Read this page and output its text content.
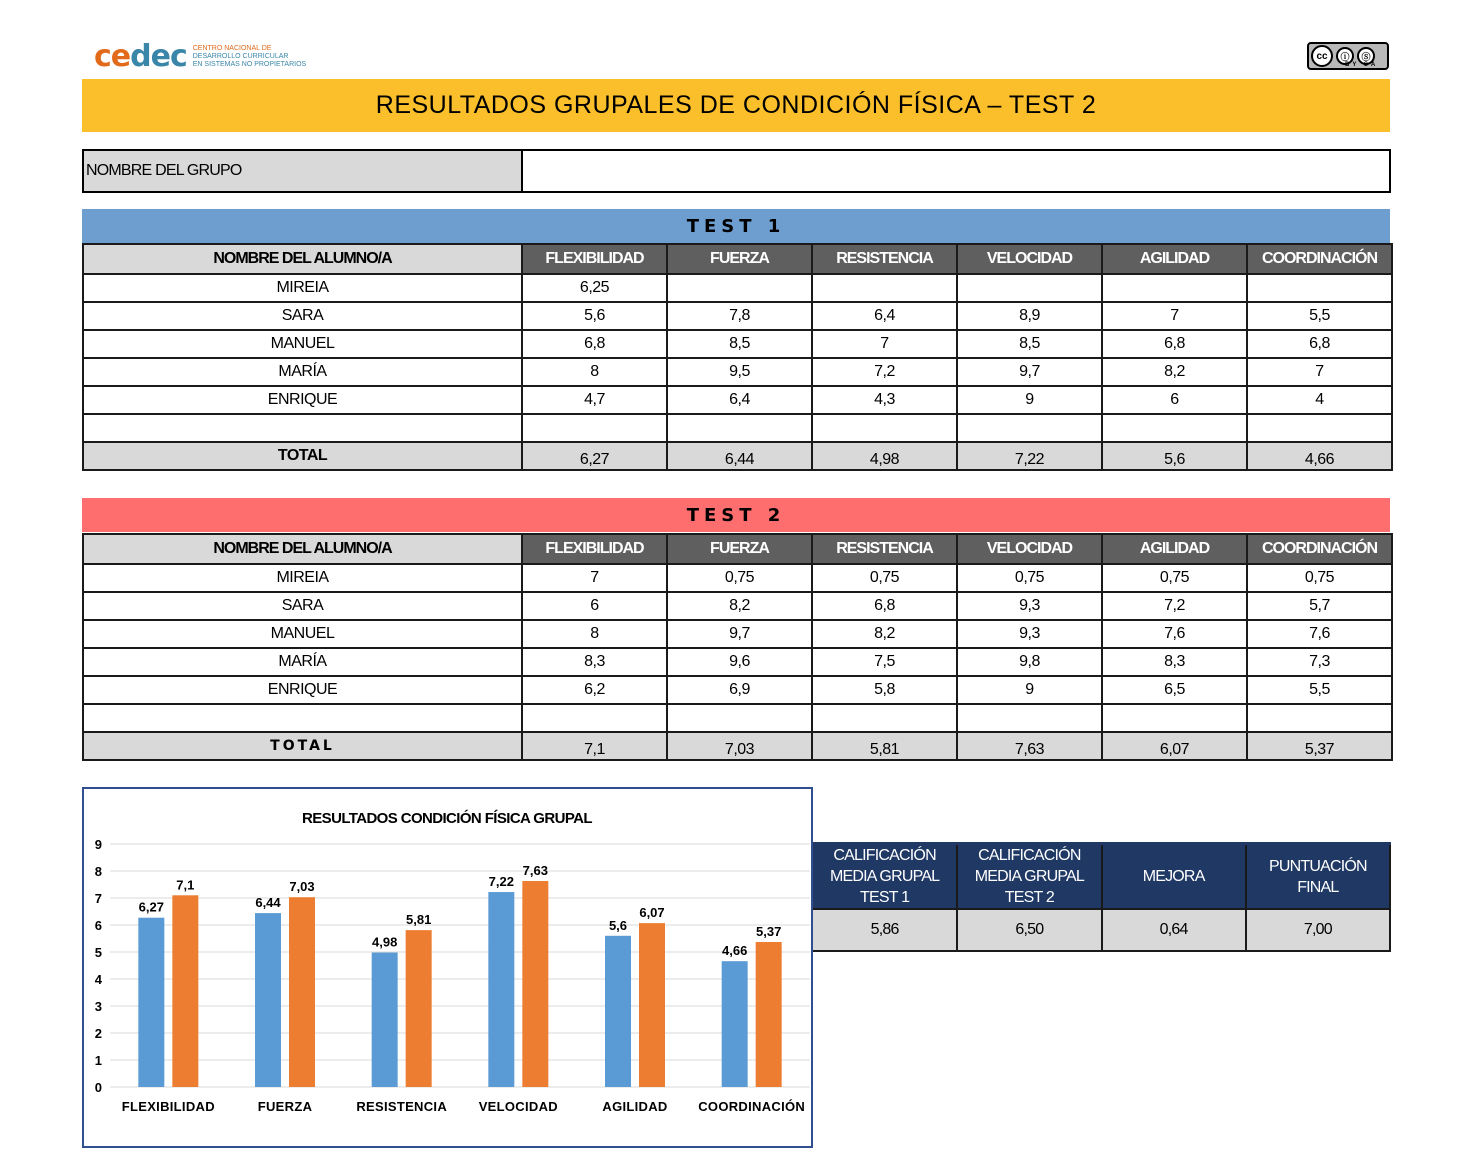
cedec CENTRO NACIONAL DE
DESARROLLO CURRICULAR
EN SISTEMAS NO PROPIETARIOS
cc	ⓘ	Ⓢ
BY SA
RESULTADOS GRUPALES DE CONDICIÓN FÍSICA – TEST 2
NOMBRE DEL GRUPO
TEST 1
NOMBRE DEL ALUMNO/A	FLEXIBILIDAD	FUERZA	RESISTENCIA	VELOCIDAD	AGILIDAD	COORDINACIÓN
MIREIA	6,25					
SARA	5,6	7,8	6,4	8,9	7	5,5
MANUEL	6,8	8,5	7	8,5	6,8	6,8
MARÍA	8	9,5	7,2	9,7	8,2	7
ENRIQUE	4,7	6,4	4,3	9	6	4

TOTAL	6,27	6,44	4,98	7,22	5,6	4,66
TEST 2
NOMBRE DEL ALUMNO/A	FLEXIBILIDAD	FUERZA	RESISTENCIA	VELOCIDAD	AGILIDAD	COORDINACIÓN
MIREIA	7	0,75	0,75	0,75	0,75	0,75
SARA	6	8,2	6,8	9,3	7,2	5,7
MANUEL	8	9,7	8,2	9,3	7,6	7,6
MARÍA	8,3	9,6	7,5	9,8	8,3	7,3
ENRIQUE	6,2	6,9	5,8	9	6,5	5,5

TOTAL	7,1	7,03	5,81	7,63	6,07	5,37
RESULTADOS CONDICIÓN FÍSICA GRUPAL
0
1
2
3
4
5
6
7
8
9
6,27
7,1
FLEXIBILIDAD
6,44
7,03
FUERZA
4,98
5,81
RESISTENCIA
7,22
7,63
VELOCIDAD
5,6
6,07
AGILIDAD
4,66
5,37
COORDINACIÓN
CALIFICACIÓN MEDIA GRUPAL TEST 1	CALIFICACIÓN MEDIA GRUPAL TEST 2	MEJORA	PUNTUACIÓN FINAL
5,86	6,50	0,64	7,00
